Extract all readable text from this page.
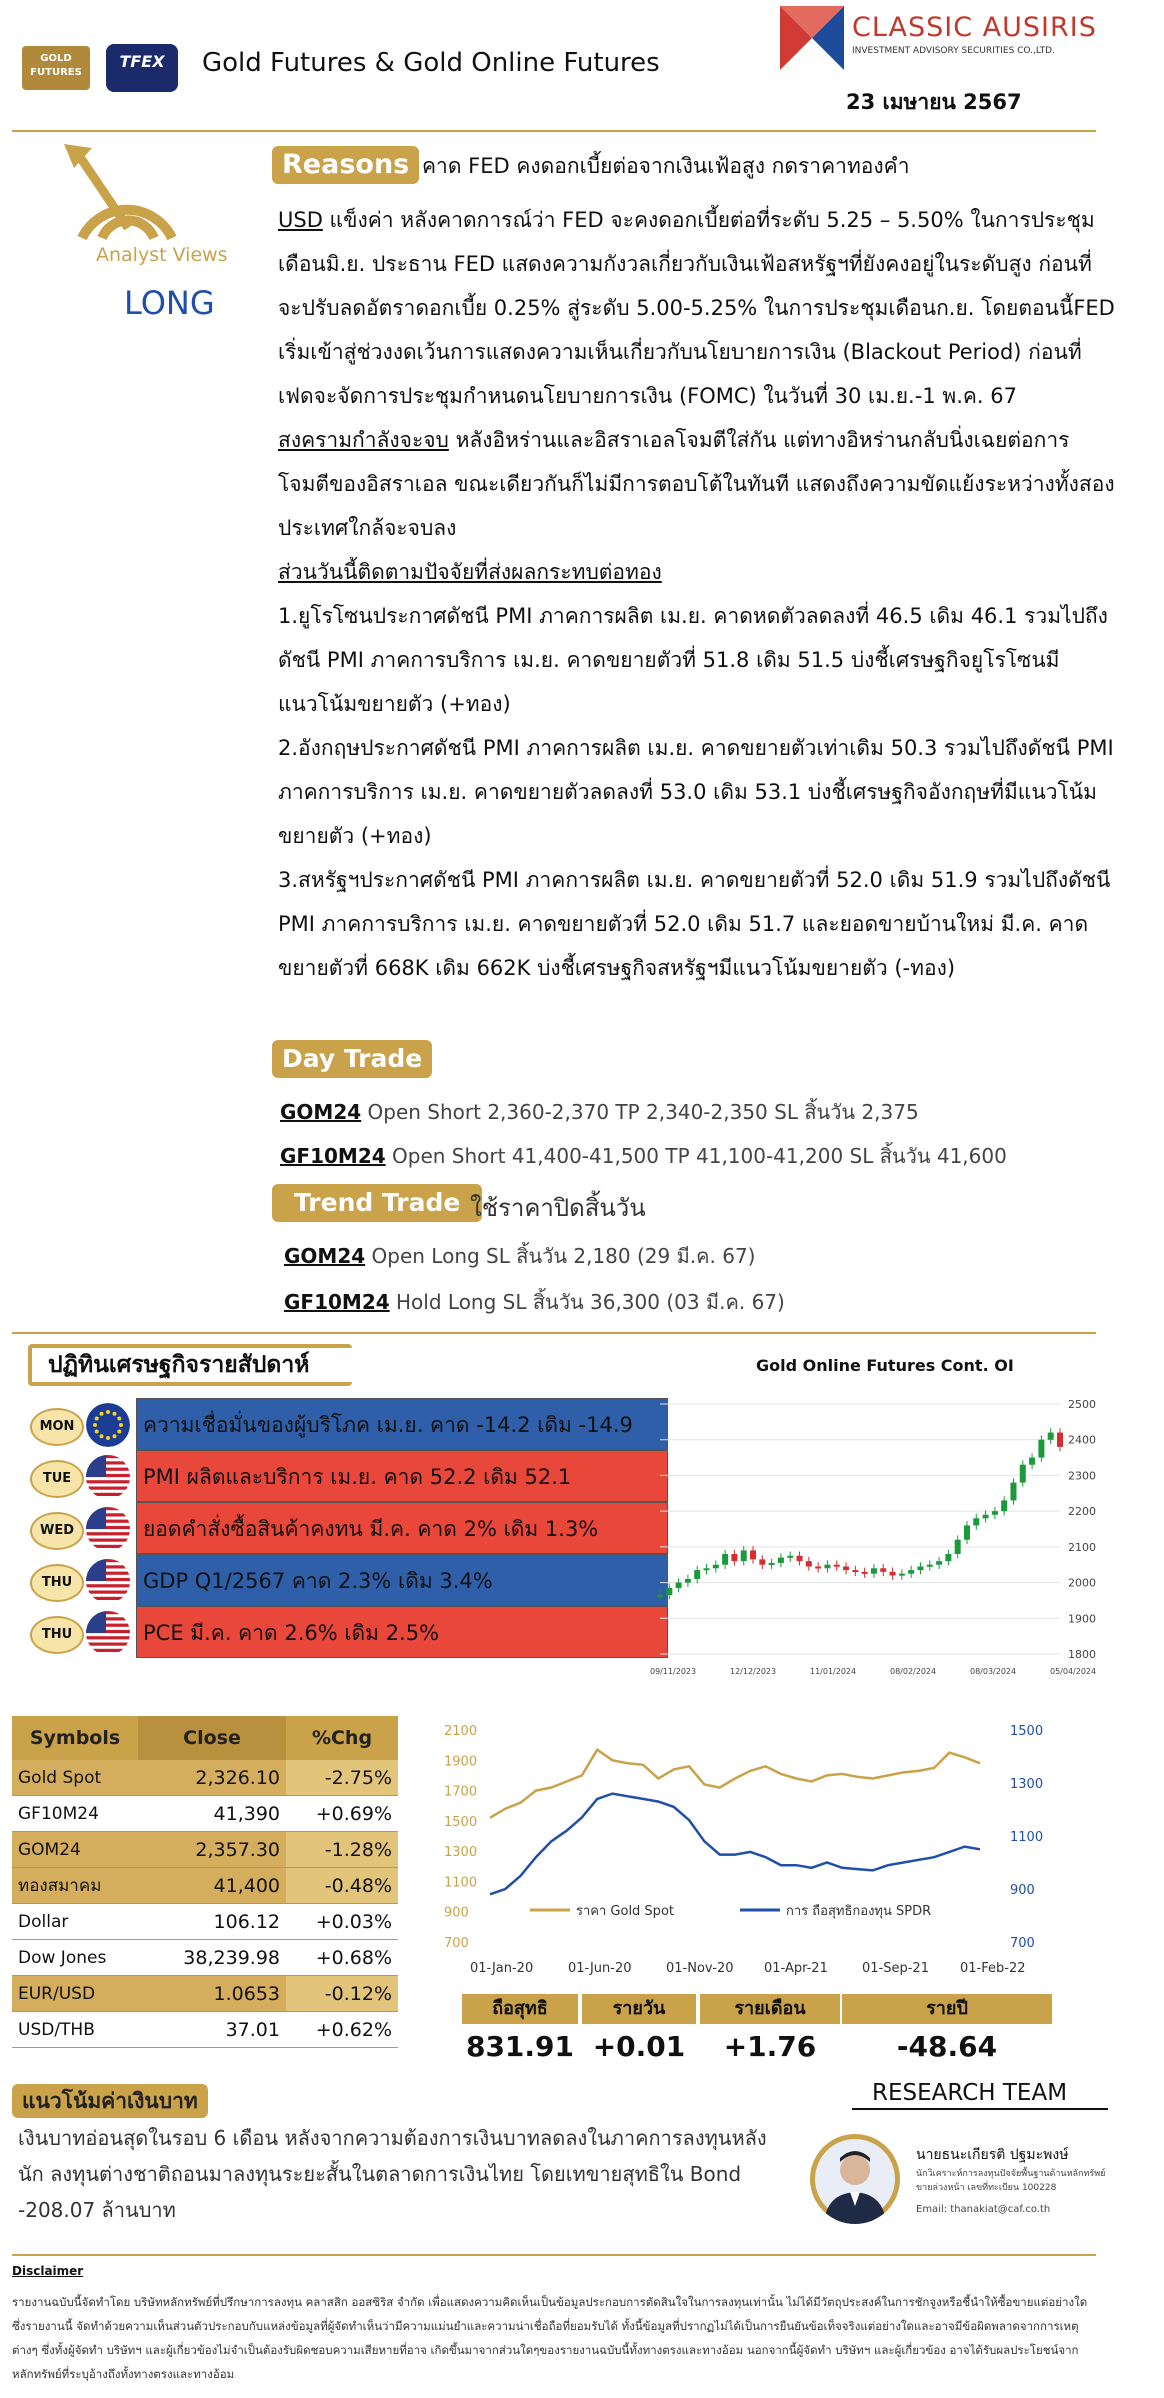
GOLD FUTURES
TFEX	Gold Futures & Gold Online Futures
CLASSIC AUSIRIS
INVESTMENT ADVISORY SECURITIES CO.,LTD.
23 เมษายน 2567
Analyst Views
LONG
Reasons คาด FED คงดอกเบี้ยต่อจากเงินเฟ้อสูง กดราคาทองคำ
USD แข็งค่า หลังคาดการณ์ว่า FED จะคงดอกเบี้ยต่อที่ระดับ 5.25 – 5.50% ในการประชุม
เดือนมิ.ย. ประธาน FED แสดงความกังวลเกี่ยวกับเงินเฟ้อสหรัฐฯที่ยังคงอยู่ในระดับสูง ก่อนที่
จะปรับลดอัตราดอกเบี้ย 0.25% สู่ระดับ 5.00-5.25% ในการประชุมเดือนก.ย. โดยตอนนี้FED
เริ่มเข้าสู่ช่วงงดเว้นการแสดงความเห็นเกี่ยวกับนโยบายการเงิน (Blackout Period) ก่อนที่
เฟดจะจัดการประชุมกำหนดนโยบายการเงิน (FOMC) ในวันที่ 30 เม.ย.-1 พ.ค. 67
สงครามกำลังจะจบ หลังอิหร่านและอิสราเอลโจมตีใส่กัน แต่ทางอิหร่านกลับนิ่งเฉยต่อการ
โจมตีของอิสราเอล ขณะเดียวกันก็ไม่มีการตอบโต้ในทันที แสดงถึงความขัดแย้งระหว่างทั้งสอง
ประเทศใกล้จะจบลง
ส่วนวันนี้ติดตามปัจจัยที่ส่งผลกระทบต่อทอง
1.ยูโรโซนประกาศดัชนี PMI ภาคการผลิต เม.ย. คาดหดตัวลดลงที่ 46.5 เดิม 46.1 รวมไปถึง
ดัชนี PMI ภาคการบริการ เม.ย. คาดขยายตัวที่ 51.8 เดิม 51.5 บ่งชี้เศรษฐกิจยูโรโซนมี
แนวโน้มขยายตัว (+ทอง)
2.อังกฤษประกาศดัชนี PMI ภาคการผลิต เม.ย. คาดขยายตัวเท่าเดิม 50.3 รวมไปถึงดัชนี PMI
ภาคการบริการ เม.ย. คาดขยายตัวลดลงที่ 53.0 เดิม 53.1 บ่งชี้เศรษฐกิจอังกฤษที่มีแนวโน้ม
ขยายตัว (+ทอง)
3.สหรัฐฯประกาศดัชนี PMI ภาคการผลิต เม.ย. คาดขยายตัวที่ 52.0 เดิม 51.9 รวมไปถึงดัชนี
PMI ภาคการบริการ เม.ย. คาดขยายตัวที่ 52.0 เดิม 51.7 และยอดขายบ้านใหม่ มี.ค. คาด
ขยายตัวที่ 668K เดิม 662K บ่งชี้เศรษฐกิจสหรัฐฯมีแนวโน้มขยายตัว (-ทอง)
Day Trade
GOM24 Open Short 2,360-2,370 TP 2,340-2,350 SL สิ้นวัน 2,375
GF10M24 Open Short 41,400-41,500 TP 41,100-41,200 SL สิ้นวัน 41,600
Trend Trade ใช้ราคาปิดสิ้นวัน
GOM24 Open Long SL สิ้นวัน 2,180 (29 มี.ค. 67)
GF10M24 Hold Long SL สิ้นวัน 36,300 (03 มี.ค. 67)
ปฏิทินเศรษฐกิจรายสัปดาห์
MON	ความเชื่อมั่นของผู้บริโภค เม.ย. คาด -14.2 เดิม -14.9
TUE	PMI ผลิตและบริการ เม.ย. คาด 52.2 เดิม 52.1
WED	ยอดคำสั่งซื้อสินค้าคงทน มี.ค. คาด 2% เดิม 1.3%
THU	GDP Q1/2567 คาด 2.3% เดิม 3.4%
THU	PCE มี.ค. คาด 2.6% เดิม 2.5%
Gold Online Futures Cont. OI
1800
1900
2000
2100
2200
2300
2400
2500
09/11/2023	12/12/2023	11/01/2024	08/02/2024	08/03/2024	05/04/2024
Symbols	Close	%Chg
Gold Spot	2,326.10	-2.75%
GF10M24	41,390	+0.69%
GOM24	2,357.30	-1.28%
ทองสมาคม	41,400	-0.48%
Dollar	106.12	+0.03%
Dow Jones	38,239.98	+0.68%
EUR/USD	1.0653	-0.12%
USD/THB	37.01	+0.62%
700
900
1100
1300
1500
1700
1900
2100
700
900
1100
1300
1500
01-Jan-20	01-Jun-20	01-Nov-20 01-Apr-21	01-Sep-21 01-Feb-22
ราคา Gold Spot	การ ถือสุทธิกองทุน SPDR
ถือสุทธิ
831.91
รายวัน
+0.01
รายเดือน
+1.76
รายปี
-48.64
แนวโน้มค่าเงินบาท
เงินบาทอ่อนสุดในรอบ 6 เดือน หลังจากความต้องการเงินบาทลดลงในภาคการลงทุนหลังนัก ลงทุนต่างชาติถอนมาลงทุนระยะสั้นในตลาดการเงินไทย โดยเทขายสุทธิใน Bond -208.07 ล้านบาท
RESEARCH TEAM
นายธนะเกียรติ ปฐมะพงษ์
นักวิเคราะห์การลงทุนปัจจัยพื้นฐานด้านหลักทรัพย์
ขายล่วงหน้า เลขที่ทะเบียน 100228
Email: thanakiat@caf.co.th
Disclaimer
รายงานฉบับนี้จัดทำโดย บริษัทหลักทรัพย์ที่ปรึกษาการลงทุน คลาสสิก ออสซิริส จำกัด เพื่อแสดงความคิดเห็นเป็นข้อมูลประกอบการตัดสินใจในการลงทุนเท่านั้น ไม่ได้มีวัตถุประสงค์ในการชักจูงหรือชี้นำให้ซื้อขายแต่อย่างใด ซึ่งรายงานนี้ จัดทำด้วยความเห็นส่วนตัวประกอบกับแหล่งข้อมูลที่ผู้จัดทำเห็นว่ามีความแม่นยำและความน่าเชื่อถือที่ยอมรับได้ ทั้งนี้ข้อมูลที่ปรากฏไม่ได้เป็นการยืนยันข้อเท็จจริงแต่อย่างใดและอาจมีข้อผิดพลาดจากการเหตุต่างๆ ซึ่งทั้งผู้จัดทำ บริษัทฯ และผู้เกี่ยวข้องไม่จำเป็นต้องรับผิดชอบความเสียหายที่อาจ เกิดขึ้นมาจากส่วนใดๆของรายงานฉบับนี้ทั้งทางตรงและทางอ้อม นอกจากนี้ผู้จัดทำ บริษัทฯ และผู้เกี่ยวข้อง อาจได้รับผลประโยชน์จากหลักทรัพย์ที่ระบุอ้างถึงทั้งทางตรงและทางอ้อม
